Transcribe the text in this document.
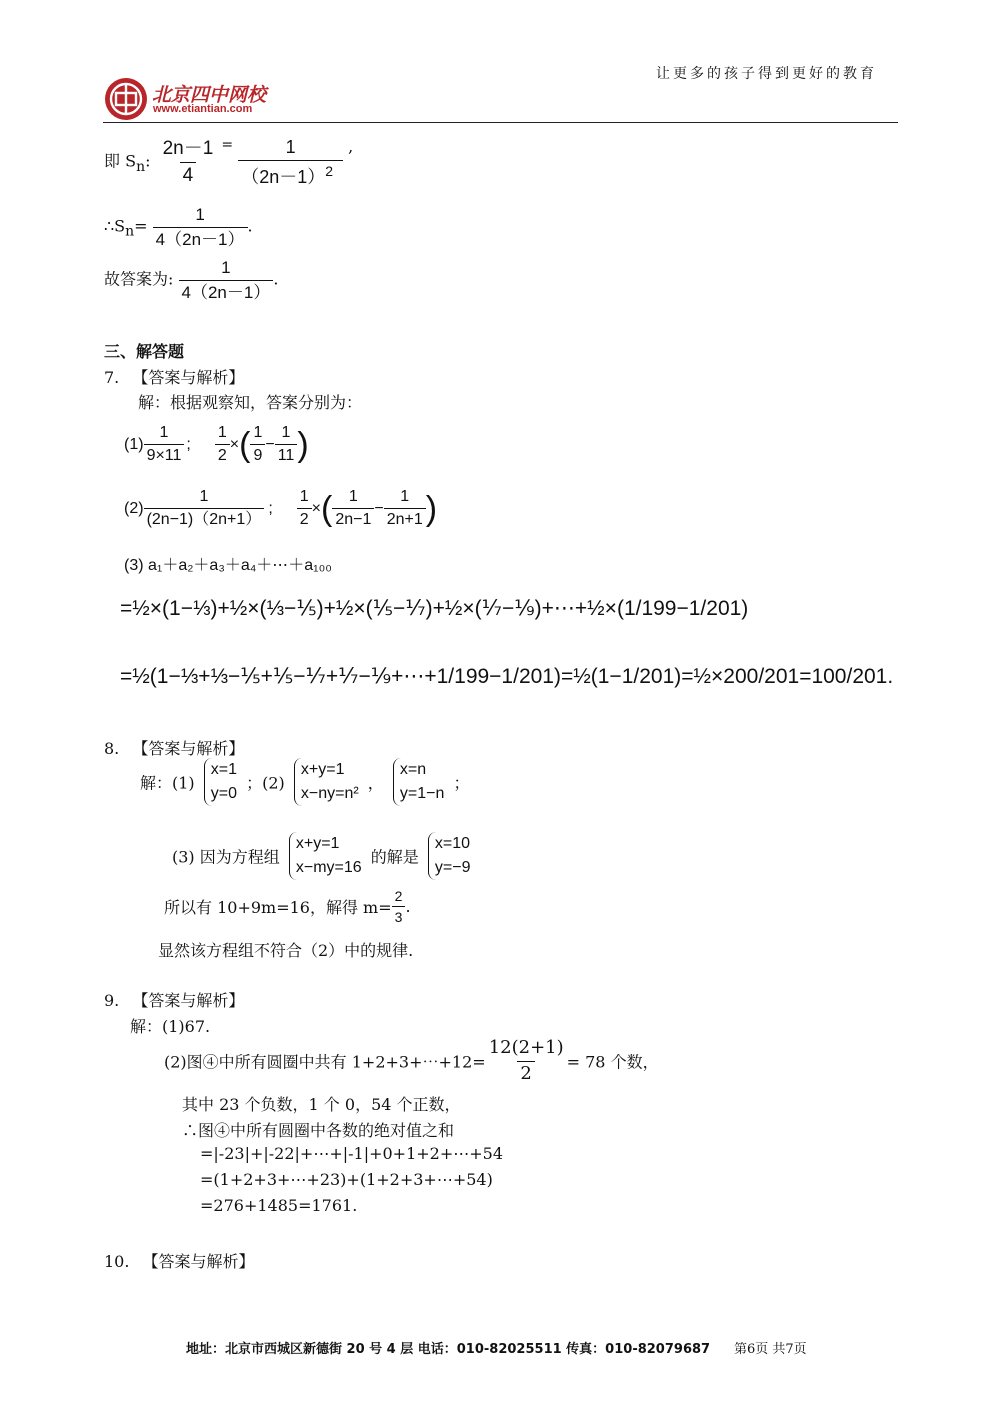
北京四中网校
www.etiantian.com
让更多的孩子得到更好的教育
即 $S_n$: $\frac{2n-1}{4} = \frac{1}{(2n-1)^2}$ ,
$\therefore S_n= \frac{1}{4(2n-1)}$ .
故答案为: $\frac{1}{4(2n-1)}$ .
三、解答题
7. 【答案与解析】
解：根据观察知，答案分别为：
$(1) \frac{1}{9\times 11}$ ; $\frac{1}{2}$ ×( $\frac{1}{9} - \frac{1}{11}$ )
$(2) \frac{1}{(2n-1)(2n+1)}$ ; $\frac{1}{2}$ ×( $\frac{1}{2n-1} - \frac{1}{2n+1}$ )
(3) a₁＋a₂＋a₃＋a₄＋⋯＋a₁₀₀
=½×(1−⅓)+½×(⅓−⅕)+½×(⅕−⅐)+½×(⅐−⅑)+⋯+½×(1/199−1/201)
=½(1−⅓+⅓−⅕+⅕−⅐+⅐−⅑+⋯+1/199−1/201)=½(1−1/201)=½×200/201=100/201.
8. 【答案与解析】
解：(1) x=1
y=0 ；(2) x+y=1
x−ny=n² ， x=n
y=1−n ；
(3) 因为方程组 x+y=1
x−my=16 的解是 x=10
y=−9
所以有 10+9m=16，解得 $m= \frac{2}{3}$ .
显然该方程组不符合（2）中的规律.
9. 【答案与解析】
解：(1)67.
(2)图④中所有圆圈中共有 1+2+3+⋯+12= $\frac{12(2+1)}{2} = 78$ 个数，
其中 23 个负数，1 个 0，54 个正数，
∴图④中所有圆圈中各数的绝对值之和
=|-23|+|-22|+⋯+|-1|+0+1+2+⋯+54
=(1+2+3+⋯+23)+(1+2+3+⋯+54)
=276+1485=1761.
10. 【答案与解析】
地址：北京市西城区新德街 20 号 4 层 电话：010-82025511 传真：010-82079687 第6页 共7页
